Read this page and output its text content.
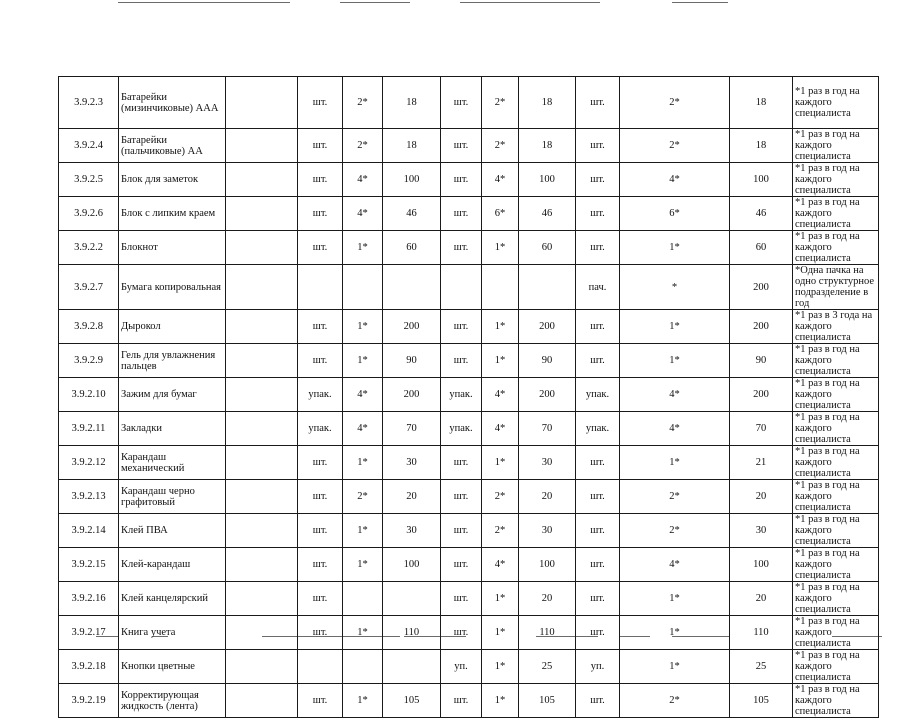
3.9.2.3	Батарейки (мизинчиковые) ААА		шт.	2*	18	шт.	2*	18	шт.	2*	18	*1 раз в год на каждого специалиста
3.9.2.4	Батарейки (пальчиковые) АА		шт.	2*	18	шт.	2*	18	шт.	2*	18	*1 раз в год на каждого специалиста
3.9.2.5	Блок для заметок		шт.	4*	100	шт.	4*	100	шт.	4*	100	*1 раз в год на каждого специалиста
3.9.2.6	Блок с липким краем		шт.	4*	46	шт.	6*	46	шт.	6*	46	*1 раз в год на каждого специалиста
3.9.2.2	Блокнот		шт.	1*	60	шт.	1*	60	шт.	1*	60	*1 раз в год на каждого специалиста
3.9.2.7	Бумага копировальная								пач.	*	200	*Одна пачка на одно структурное подразделение в год
3.9.2.8	Дырокол		шт.	1*	200	шт.	1*	200	шт.	1*	200	*1 раз в 3 года на каждого специалиста
3.9.2.9	Гель для увлажнения пальцев		шт.	1*	90	шт.	1*	90	шт.	1*	90	*1 раз в год на каждого специалиста
3.9.2.10	Зажим для бумаг		упак.	4*	200	упак.	4*	200	упак.	4*	200	*1 раз в год на каждого специалиста
3.9.2.11	Закладки		упак.	4*	70	упак.	4*	70	упак.	4*	70	*1 раз в год на каждого специалиста
3.9.2.12	Карандаш механический		шт.	1*	30	шт.	1*	30	шт.	1*	21	*1 раз в год на каждого специалиста
3.9.2.13	Карандаш черно графитовый		шт.	2*	20	шт.	2*	20	шт.	2*	20	*1 раз в год на каждого специалиста
3.9.2.14	Клей ПВА		шт.	1*	30	шт.	2*	30	шт.	2*	30	*1 раз в год на каждого специалиста
3.9.2.15	Клей-карандаш		шт.	1*	100	шт.	4*	100	шт.	4*	100	*1 раз в год на каждого специалиста
3.9.2.16	Клей канцелярский		шт.			шт.	1*	20	шт.	1*	20	*1 раз в год на каждого специалиста
3.9.2.17	Книга учета		шт.	1*	110	шт.	1*	110	шт.	1*	110	*1 раз в год на каждого специалиста
3.9.2.18	Кнопки цветные					уп.	1*	25	уп.	1*	25	*1 раз в год на каждого специалиста
3.9.2.19	Корректирующая жидкость (лента)		шт.	1*	105	шт.	1*	105	шт.	2*	105	*1 раз в год на каждого специалиста
